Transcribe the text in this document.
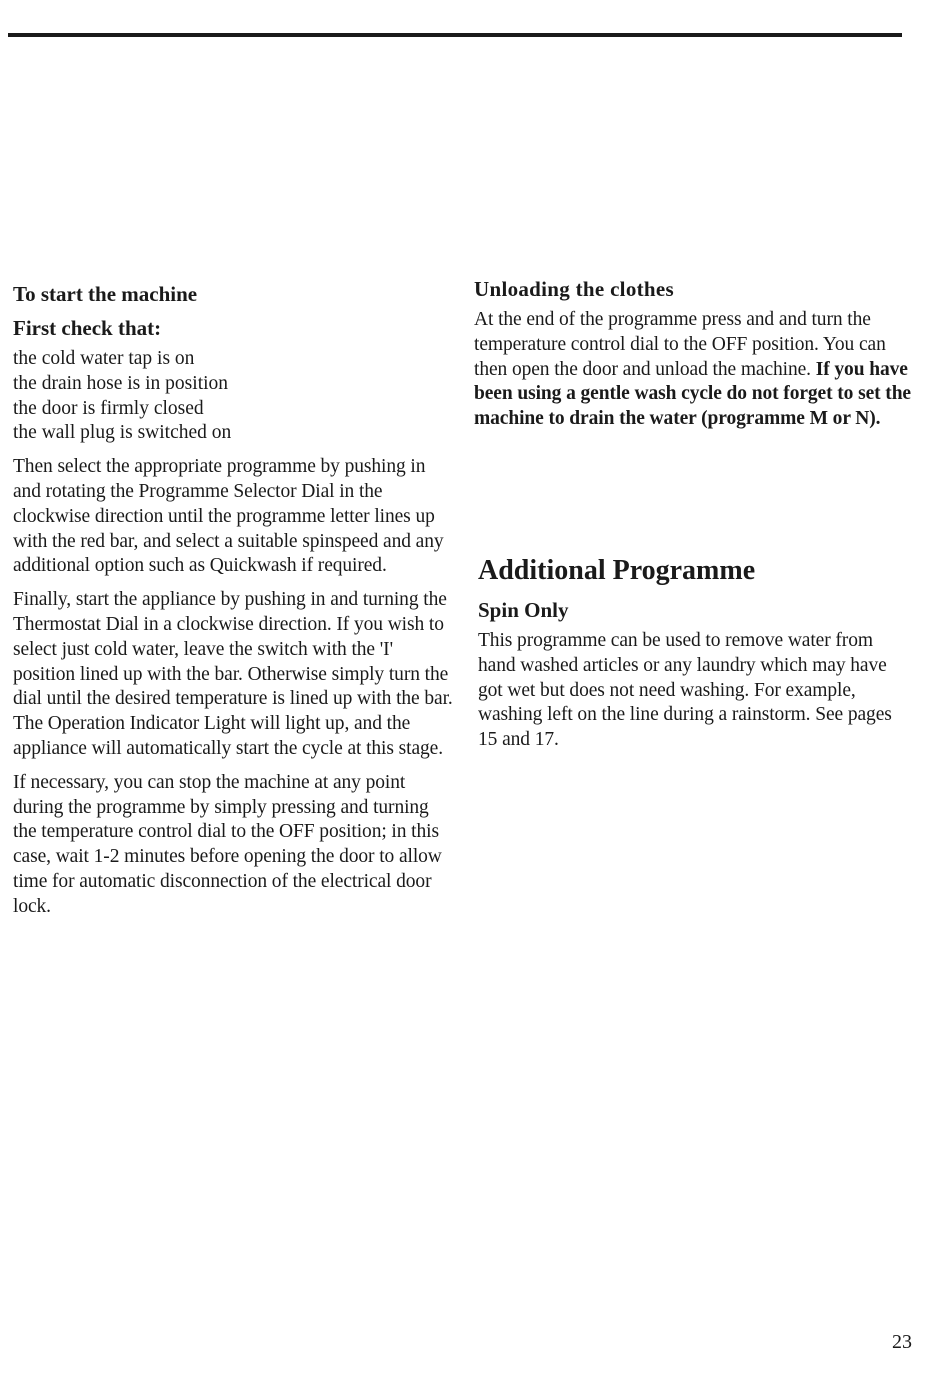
To start the machine
First check that:
the cold water tap is on
the drain hose is in position
the door is firmly closed
the wall plug is switched on

Then select the appropriate programme by pushing in and rotating the Programme Selector Dial in the clockwise direction until the programme letter lines up with the red bar, and select a suitable spinspeed and any additional option such as Quickwash if required.

Finally, start the appliance by pushing in and turning the Thermostat Dial in a clockwise direction. If you wish to select just cold water, leave the switch with the 'I' position lined up with the bar. Otherwise simply turn the dial until the desired temperature is lined up with the bar. The Operation Indicator Light will light up, and the appliance will automatically start the cycle at this stage.

If necessary, you can stop the machine at any point during the programme by simply pressing and turning the temperature control dial to the OFF position; in this case, wait 1-2 minutes before opening the door to allow time for automatic disconnection of the electrical door lock.

Unloading the clothes

At the end of the programme press and and turn the temperature control dial to the OFF position. You can then open the door and unload the machine. If you have been using a gentle wash cycle do not forget to set the machine to drain the water (programme M or N).

Additional Programme
Spin Only

This programme can be used to remove water from hand washed articles or any laundry which may have got wet but does not need washing. For example, washing left on the line during a rainstorm. See pages 15 and 17.

23
